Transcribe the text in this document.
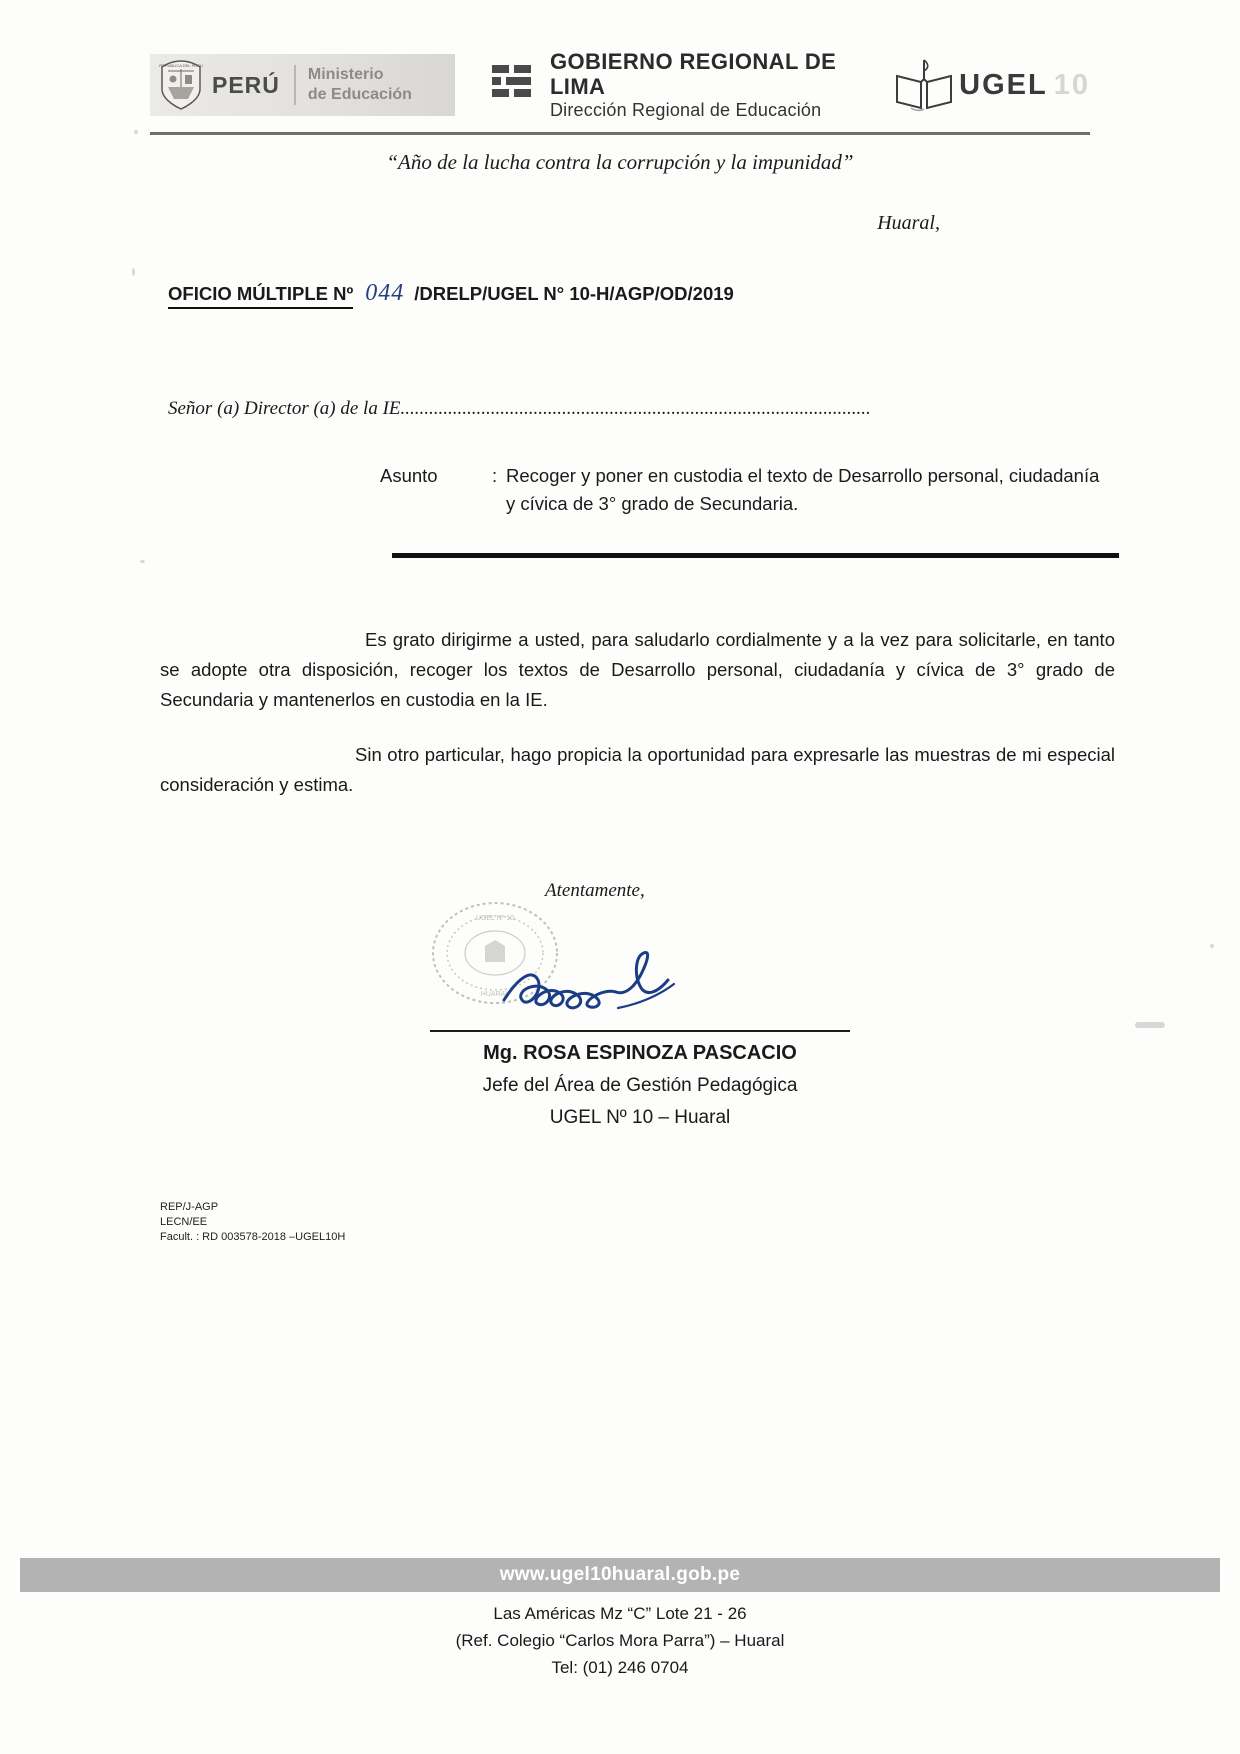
REPUBLICA DEL PERU
PERÚ	Ministerio
de Educación
GOBIERNO REGIONAL DE LIMA
Dirección Regional de Educación
UGEL 10
“Año de la lucha contra la corrupción y la impunidad”
Huaral,
OFICIO MÚLTIPLE Nº 044 /DRELP/UGEL N° 10-H/AGP/OD/2019
Señor (a) Director (a) de la IE...................................................................................................
Asunto	: Recoger y poner en custodia el texto de Desarrollo personal, ciudadanía y cívica de 3° grado de Secundaria.
Es grato dirigirme a usted, para saludarlo cordialmente y a la vez para solicitarle, en tanto se adopte otra disposición, recoger los textos de Desarrollo personal, ciudadanía y cívica de 3° grado de Secundaria y mantenerlos en custodia en la IE.
Sin otro particular, hago propicia la oportunidad para expresarle las muestras de mi especial consideración y estima.
Atentamente,
UGEL Nº 10
HUARAL
Mg. ROSA ESPINOZA PASCACIO
Jefe del Área de Gestión Pedagógica
UGEL Nº 10 – Huaral
REP/J-AGP
LECN/EE
Facult. : RD 003578-2018 –UGEL10H
www.ugel10huaral.gob.pe
Las Américas Mz “C” Lote 21 - 26
(Ref. Colegio “Carlos Mora Parra”) – Huaral
Tel: (01) 246 0704
